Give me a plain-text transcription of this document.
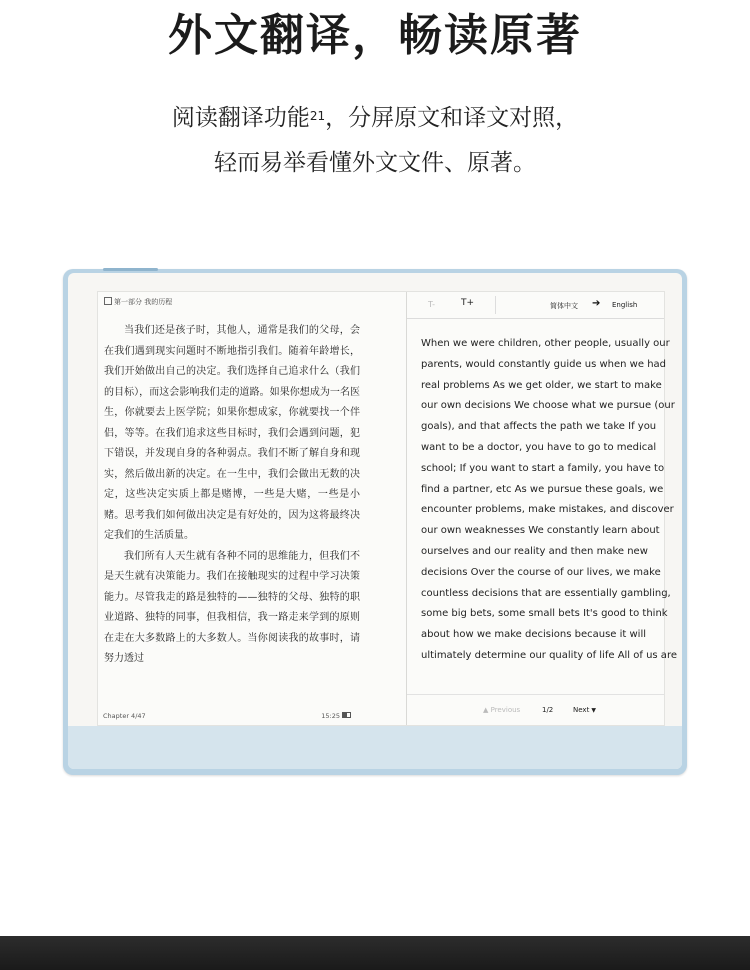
外文翻译，畅读原著
阅读翻译功能$^{21}$，分屏原文和译文对照，
轻而易举看懂外文文件、原著。
第一部分 我的历程

当我们还是孩子时，其他人，通常是我们的父母，会在我们遇到现实问题时不断地指引我们。随着年龄增长，我们开始做出自己的决定。我们选择自己追求什么（我们的目标），而这会影响我们走的道路。如果你想成为一名医生，你就要去上医学院；如果你想成家，你就要找一个伴侣，等等。在我们追求这些目标时，我们会遇到问题，犯下错误，并发现自身的各种弱点。我们不断了解自身和现实，然后做出新的决定。在一生中，我们会做出无数的决定，这些决定实质上都是赌博，一些是大赌，一些是小赌。思考我们如何做出决定是有好处的，因为这将最终决定我们的生活质量。

我们所有人天生就有各种不同的思维能力，但我们不是天生就有决策能力。我们在接触现实的过程中学习决策能力。尽管我走的路是独特的——独特的父母、独特的职业道路、独特的同事，但我相信，我一路走来学到的原则在走在大多数路上的大多数人。当你阅读我的故事时，请努力透过

Chapter 4/47	15:25
T-	T+	简体中文 ➔ English
When we were children, other people, usually our
parents, would constantly guide us when we had
real problems As we get older, we start to make
our own decisions We choose what we pursue (our
goals), and that affects the path we take If you
want to be a doctor, you have to go to medical
school; If you want to start a family, you have to
find a partner, etc As we pursue these goals, we
encounter problems, make mistakes, and discover
our own weaknesses We constantly learn about
ourselves and our reality and then make new
decisions Over the course of our lives, we make
countless decisions that are essentially gambling,
some big bets, some small bets It's good to think
about how we make decisions because it will
ultimately determine our quality of life All of us are
▲ Previous	1/2	Next ▼
